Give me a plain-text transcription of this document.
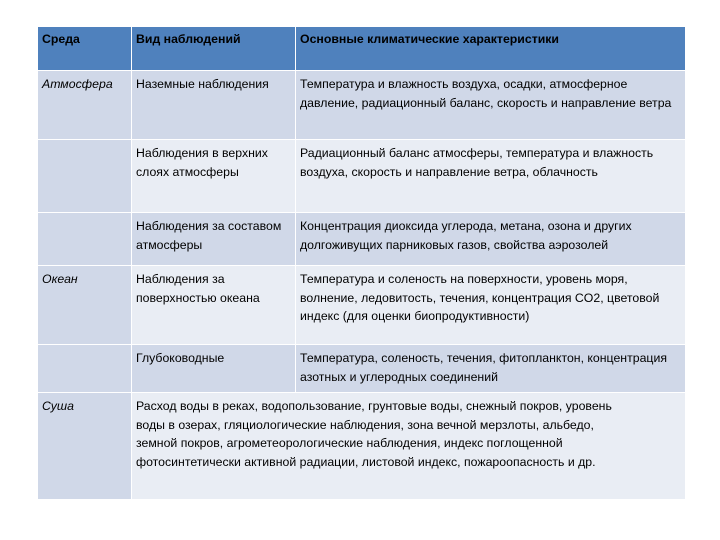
Среда	Вид наблюдений	Основные климатические характеристики
Атмосфера	Наземные наблюдения	Температура и влажность воздуха, осадки, атмосферное давление, радиационный баланс, скорость и направление ветра
	Наблюдения в верхних слоях атмосферы	Радиационный баланс атмосферы, температура и влажность воздуха, скорость и направление ветра, облачность
	Наблюдения за составом атмосферы	Концентрация диоксида углерода, метана, озона и других долгоживущих парниковых газов, свойства аэрозолей
Океан	Наблюдения за поверхностью океана	Температура и соленость на поверхности, уровень моря, волнение, ледовитость, течения, концентрация CO2, цветовой индекс (для оценки биопродуктивности)
	Глубоководные	Температура, соленость, течения, фитопланктон, концентрация азотных и углеродных соединений
Суша	Расход воды в реках, водопользование, грунтовые воды, снежный покров, уровень
воды в озерах, гляциологические наблюдения, зона вечной мерзлоты, альбедо,
земной покров, агрометеорологические наблюдения, индекс поглощенной
фотосинтетически активной радиации, листовой индекс, пожароопасность и др.	
